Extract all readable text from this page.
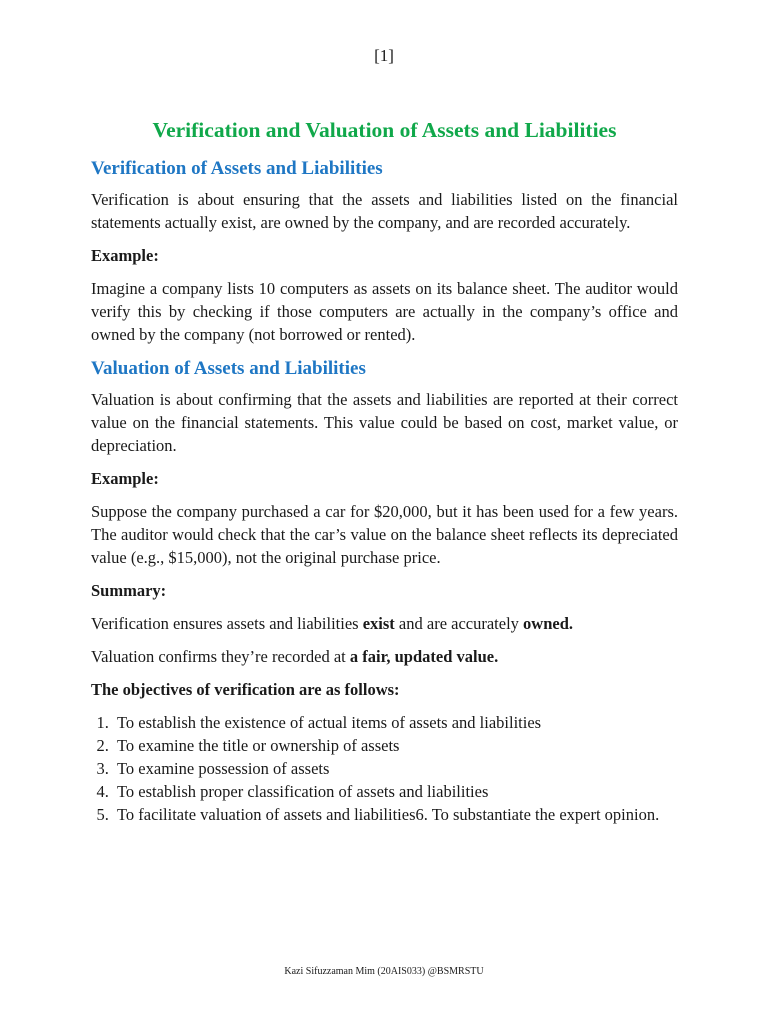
[1]
Verification and Valuation of Assets and Liabilities
Verification of Assets and Liabilities

Verification is about ensuring that the assets and liabilities listed on the financial statements actually exist, are owned by the company, and are recorded accurately.

Example:

Imagine a company lists 10 computers as assets on its balance sheet. The auditor would verify this by checking if those computers are actually in the company’s office and owned by the company (not borrowed or rented).

Valuation of Assets and Liabilities

Valuation is about confirming that the assets and liabilities are reported at their correct value on the financial statements. This value could be based on cost, market value, or depreciation.

Example:

Suppose the company purchased a car for $20,000, but it has been used for a few years. The auditor would check that the car’s value on the balance sheet reflects its depreciated value (e.g., $15,000), not the original purchase price.

Summary:

Verification ensures assets and liabilities exist and are accurately owned.

Valuation confirms they’re recorded at a fair, updated value.

The objectives of verification are as follows:

1. To establish the existence of actual items of assets and liabilities
2. To examine the title or ownership of assets
3. To examine possession of assets
4. To establish proper classification of assets and liabilities
5. To facilitate valuation of assets and liabilities6. To substantiate the expert opinion.
Kazi Sifuzzaman Mim (20AIS033) @BSMRSTU
